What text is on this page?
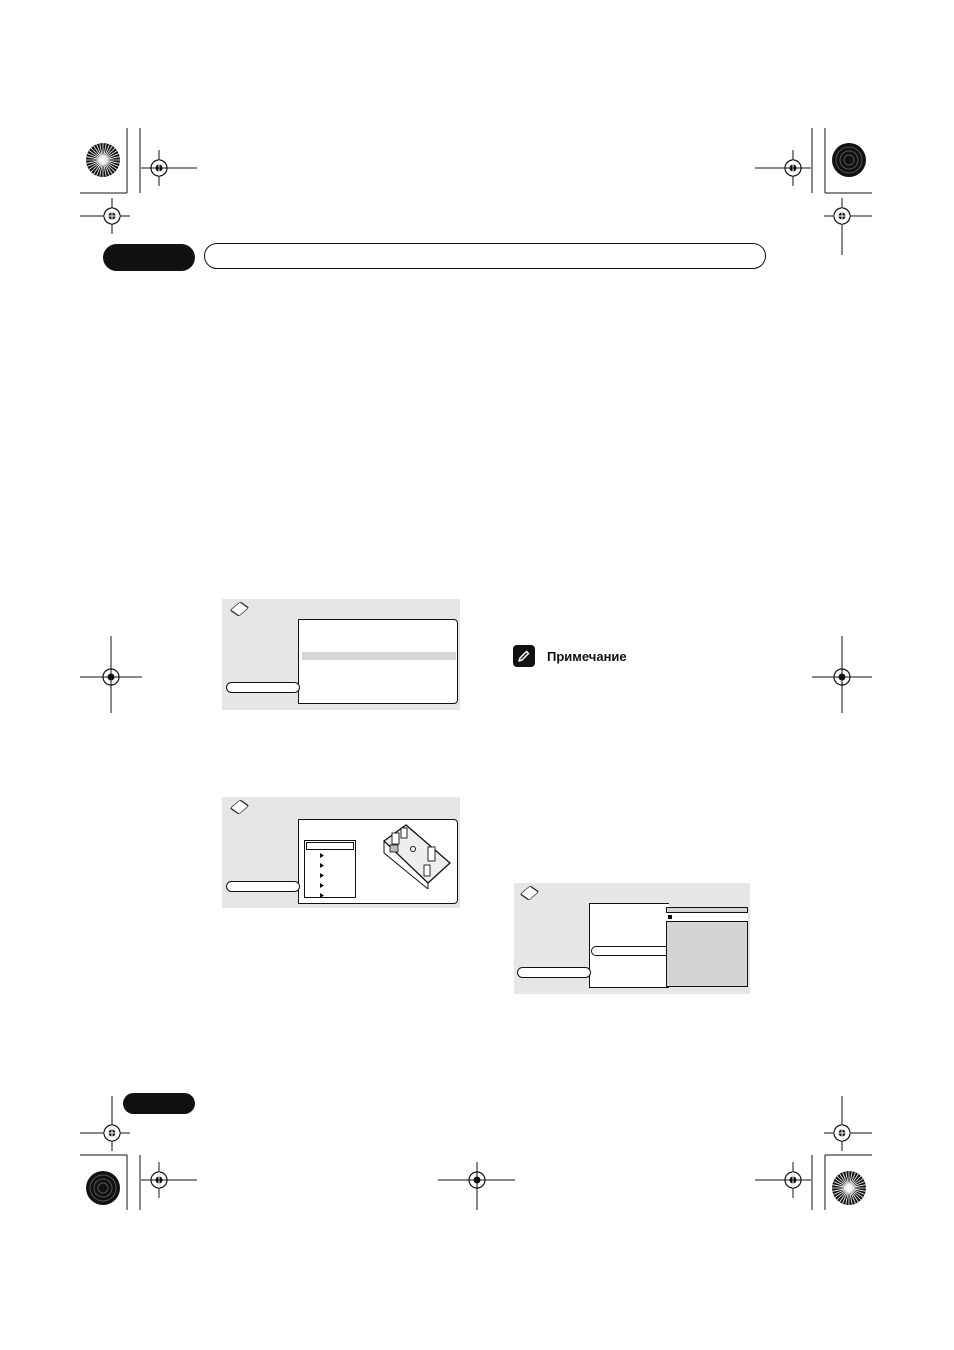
Примечание
